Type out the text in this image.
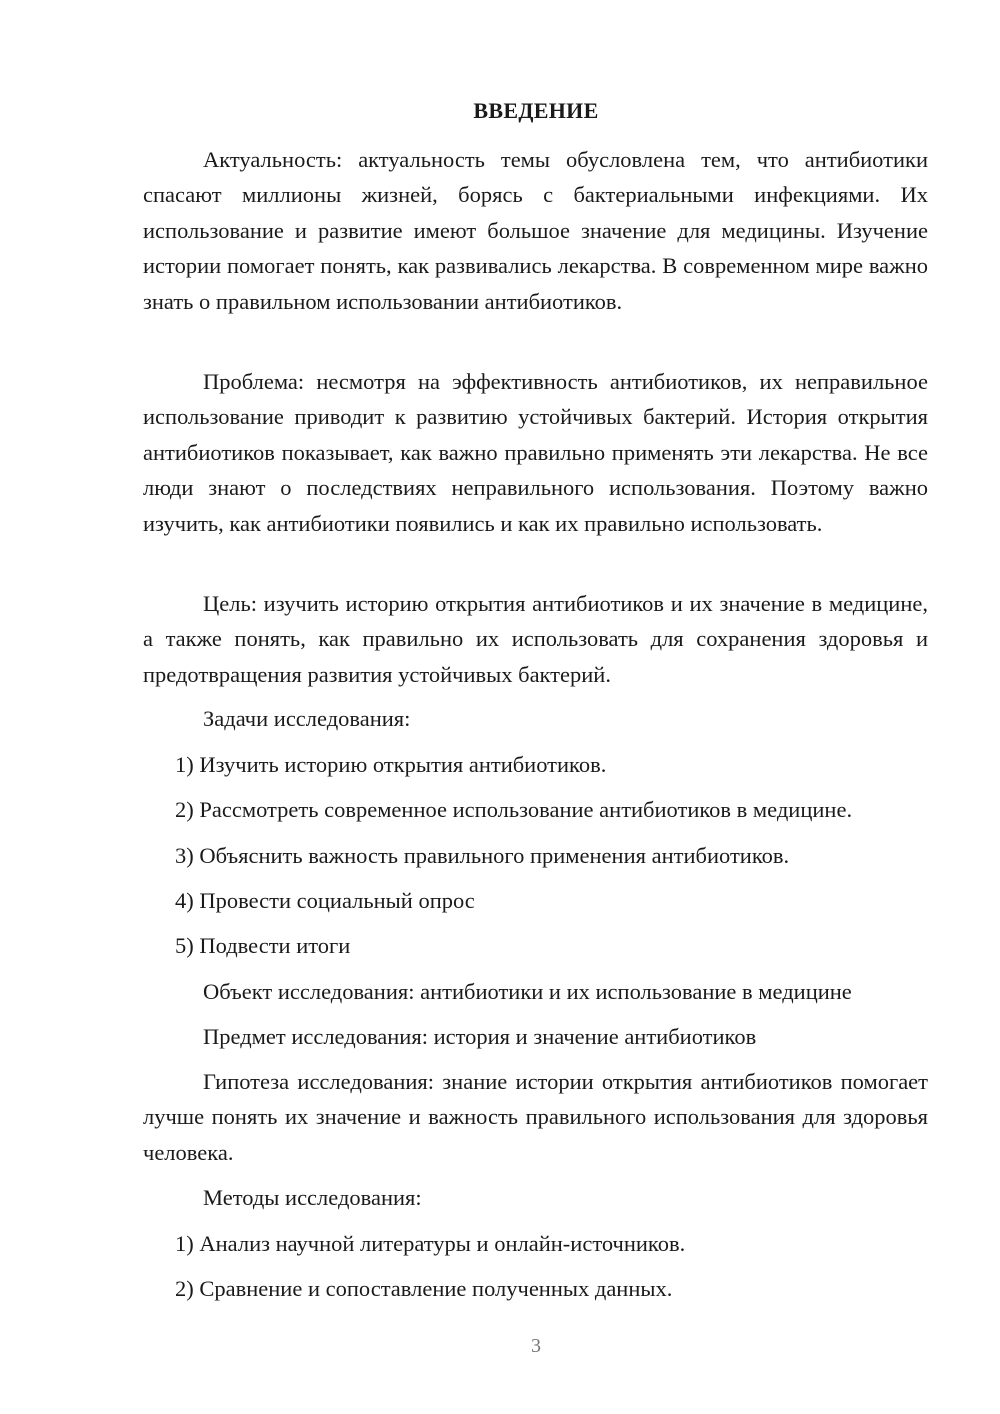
ВВЕДЕНИЕ

Актуальность: актуальность темы обусловлена тем, что антибиотики спасают миллионы жизней, борясь с бактериальными инфекциями. Их использование и развитие имеют большое значение для медицины. Изучение истории помогает понять, как развивались лекарства. В современном мире важно знать о правильном использовании антибиотиков.

Проблема: несмотря на эффективность антибиотиков, их неправильное использование приводит к развитию устойчивых бактерий. История открытия антибиотиков показывает, как важно правильно применять эти лекарства. Не все люди знают о последствиях неправильного использования. Поэтому важно изучить, как антибиотики появились и как их правильно использовать.

Цель: изучить историю открытия антибиотиков и их значение в медицине, а также понять, как правильно их использовать для сохранения здоровья и предотвращения развития устойчивых бактерий.

Задачи исследования:
1) Изучить историю открытия антибиотиков.
2) Рассмотреть современное использование антибиотиков в медицине.
3) Объяснить важность правильного применения антибиотиков.
4) Провести социальный опрос
5) Подвести итоги
Объект исследования: антибиотики и их использование в медицине
Предмет исследования: история и значение антибиотиков

Гипотеза исследования: знание истории открытия антибиотиков помогает лучше понять их значение и важность правильного использования для здоровья человека.

Методы исследования:
1) Анализ научной литературы и онлайн-источников.
2) Сравнение и сопоставление полученных данных.
3
